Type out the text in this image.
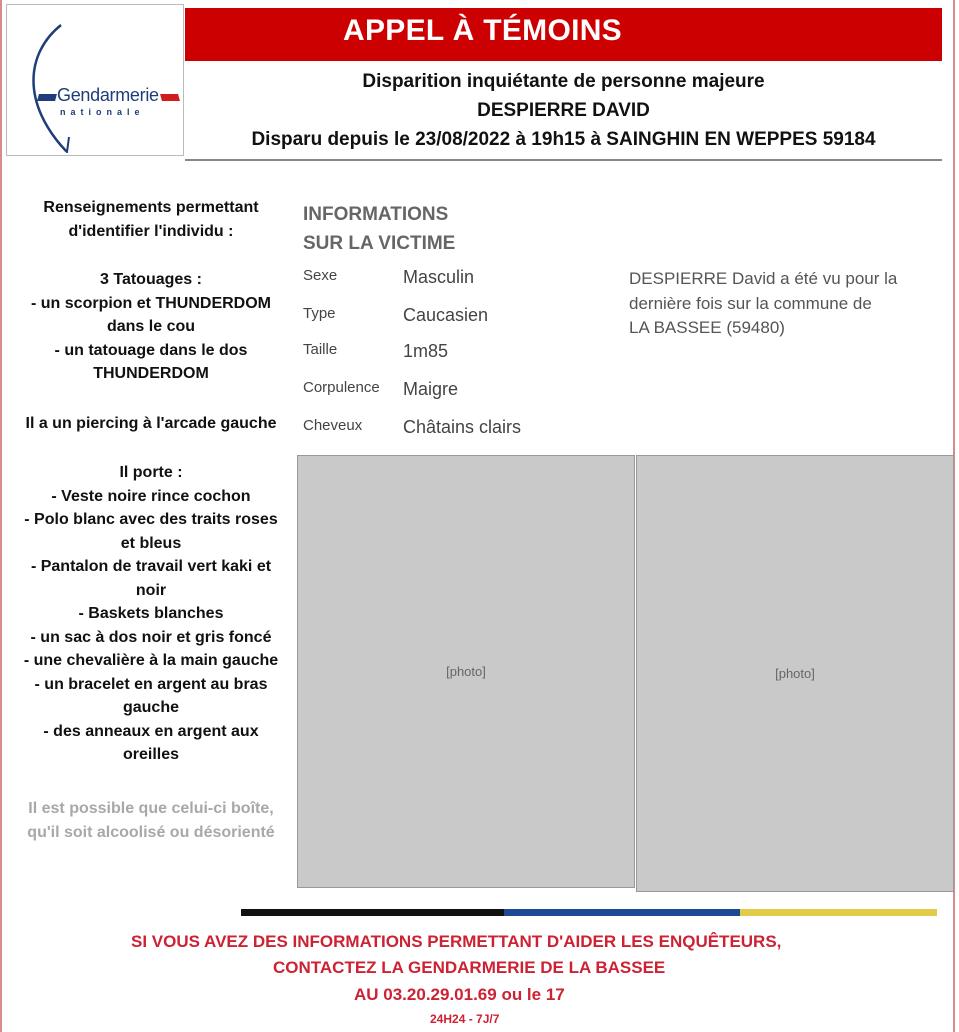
Gendarmerie
nationale
APPEL À TÉMOINS
Disparition inquiétante de personne majeure
DESPIERRE DAVID
Disparu depuis le 23/08/2022 à 19h15 à SAINGHIN EN WEPPES 59184
Renseignements permettant
d'identifier l'individu :
3 Tatouages :
- un scorpion et THUNDERDOM
dans le cou
- un tatouage dans le dos
THUNDERDOM
Il a un piercing à l'arcade gauche
Il porte :
- Veste noire rince cochon
- Polo blanc avec des traits roses
et bleus
- Pantalon de travail vert kaki et
noir
- Baskets blanches
- un sac à dos noir et gris foncé
- une chevalière à la main gauche
- un bracelet en argent au bras
gauche
- des anneaux en argent aux
oreilles
Il est possible que celui-ci boîte,
qu'il soit alcoolisé ou désorienté
INFORMATIONS
SUR LA VICTIME
Sexe	Masculin
Type	Caucasien
Taille	1m85
Corpulence Maigre
Cheveux Châtains clairs
DESPIERRE David a été vu pour la
dernière fois sur la commune de
LA BASSEE (59480)
[photo]	[photo]
SI VOUS AVEZ DES INFORMATIONS PERMETTANT D'AIDER LES ENQUÊTEURS,
CONTACTEZ LA GENDARMERIE DE LA BASSEE
AU 03.20.29.01.69 ou le 17
24H24 - 7J/7
